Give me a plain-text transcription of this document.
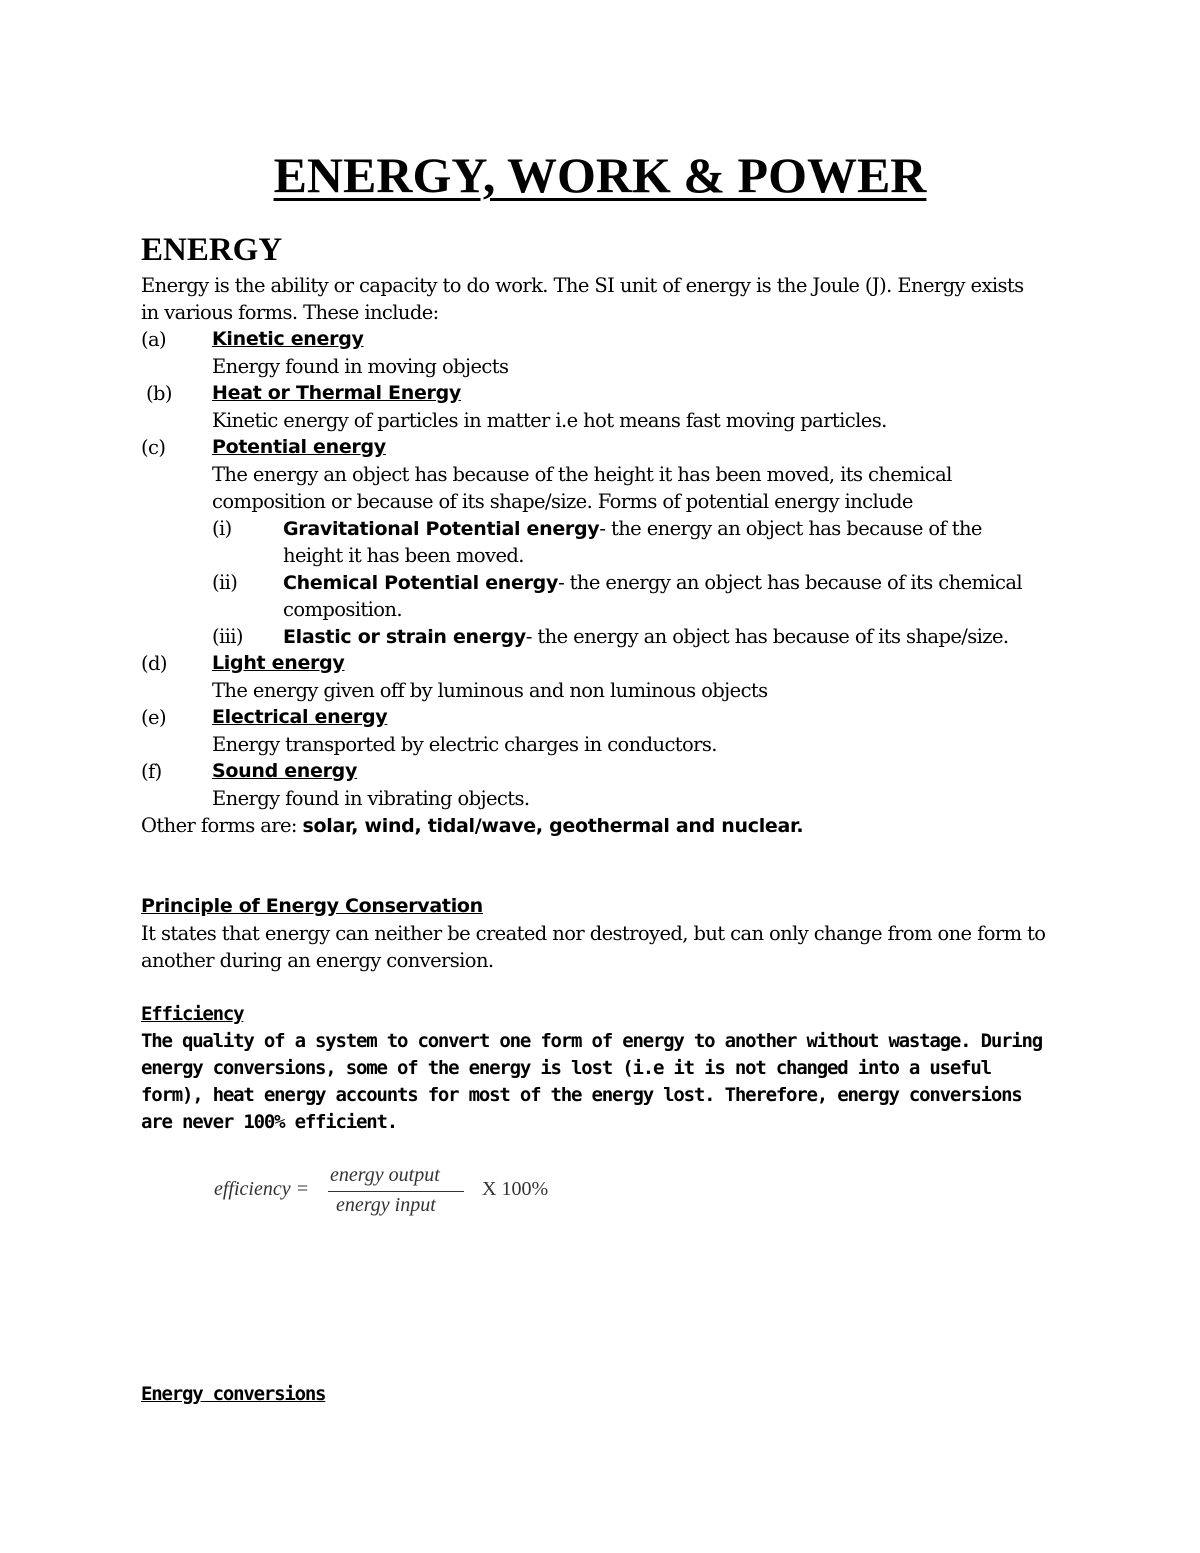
ENERGY, WORK & POWER
ENERGY
Energy is the ability or capacity to do work. The SI unit of energy is the Joule (J). Energy exists
in various forms. These include:
(a) Kinetic energy
Energy found in moving objects
(b) Heat or Thermal Energy
Kinetic energy of particles in matter i.e hot means fast moving particles.
(c) Potential energy
The energy an object has because of the height it has been moved, its chemical
composition or because of its shape/size. Forms of potential energy include
(i)	Gravitational Potential energy- the energy an object has because of the
height it has been moved.
(ii) Chemical Potential energy- the energy an object has because of its chemical
composition.
(iii) Elastic or strain energy- the energy an object has because of its shape/size.
(d) Light energy
The energy given off by luminous and non luminous objects
(e) Electrical energy
Energy transported by electric charges in conductors.
(f)	Sound energy
Energy found in vibrating objects.
Other forms are: solar, wind, tidal/wave, geothermal and nuclear.
Principle of Energy Conservation
It states that energy can neither be created nor destroyed, but can only change from one form to
another during an energy conversion.
Efficiency
The quality of a system to convert one form of energy to another without wastage. During energy conversions, some of the energy is lost (i.e it is not changed into a useful form), heat energy accounts for most of the energy lost. Therefore, energy conversions are never 100% efficient.
efficiency =
energy output
energy input
X 100%
Energy conversions
